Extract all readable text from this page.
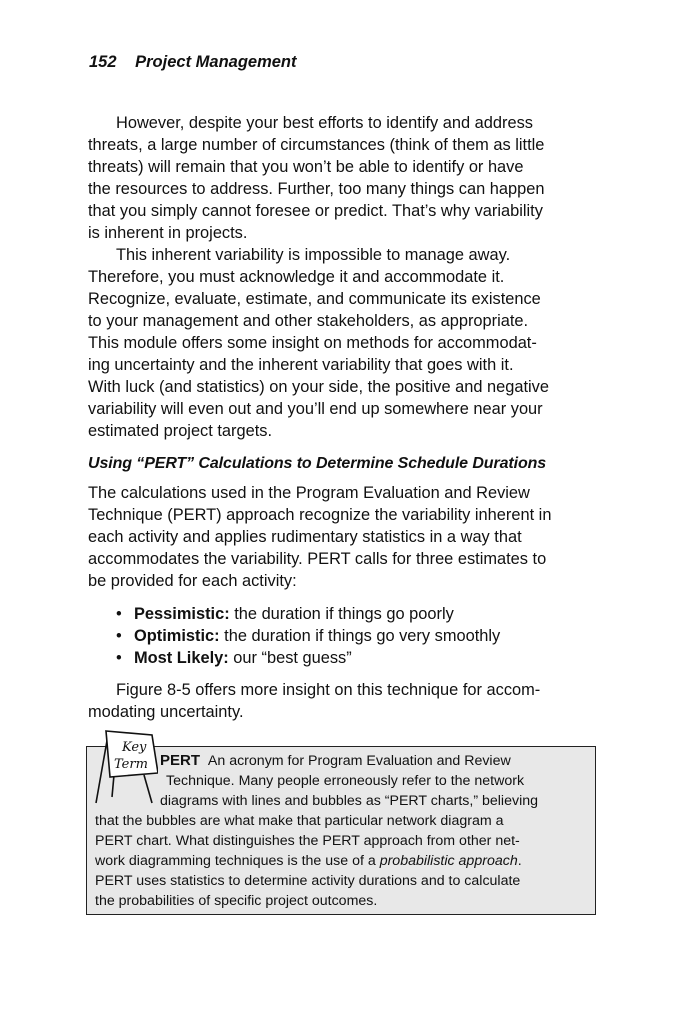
152 Project Management
However, despite your best efforts to identify and address
threats, a large number of circumstances (think of them as little
threats) will remain that you won’t be able to identify or have
the resources to address. Further, too many things can happen
that you simply cannot foresee or predict. That’s why variability
is inherent in projects.
This inherent variability is impossible to manage away.
Therefore, you must acknowledge it and accommodate it.
Recognize, evaluate, estimate, and communicate its existence
to your management and other stakeholders, as appropriate.
This module offers some insight on methods for accommodat-
ing uncertainty and the inherent variability that goes with it.
With luck (and statistics) on your side, the positive and negative
variability will even out and you’ll end up somewhere near your
estimated project targets.
Using “PERT” Calculations to Determine Schedule Durations
The calculations used in the Program Evaluation and Review
Technique (PERT) approach recognize the variability inherent in
each activity and applies rudimentary statistics in a way that
accommodates the variability. PERT calls for three estimates to
be provided for each activity:
• Pessimistic: the duration if things go poorly
• Optimistic: the duration if things go very smoothly
• Most Likely: our “best guess”
Figure 8-5 offers more insight on this technique for accom-
modating uncertainty.
Key
Term PERT An acronym for Program Evaluation and Review
Technique. Many people erroneously refer to the network
diagrams with lines and bubbles as “PERT charts,” believing
that the bubbles are what make that particular network diagram a
PERT chart. What distinguishes the PERT approach from other net-
work diagramming techniques is the use of a probabilistic approach.
PERT uses statistics to determine activity durations and to calculate
the probabilities of specific project outcomes.
